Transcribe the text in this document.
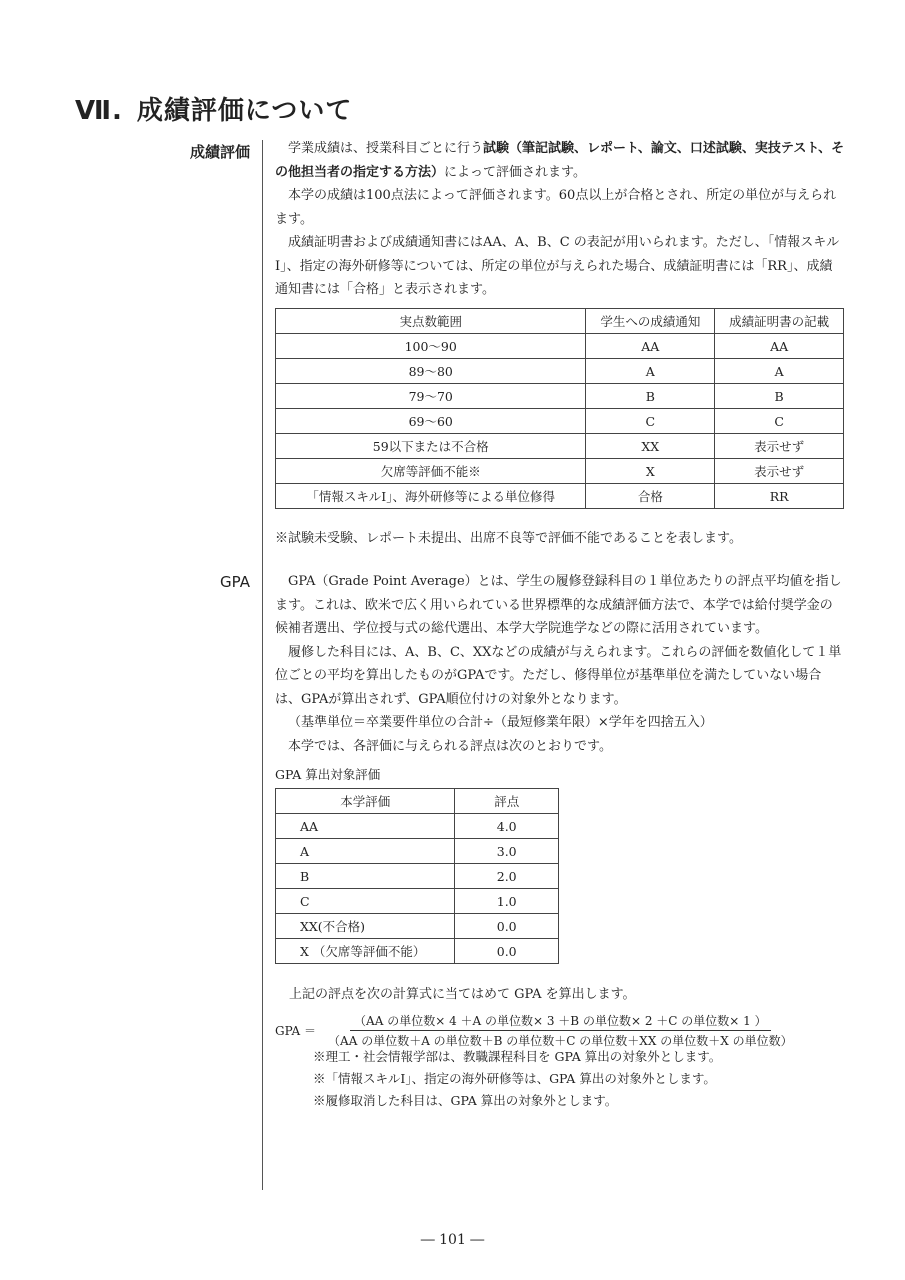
Ⅶ. 成績評価について
成績評価	学業成績は、授業科目ごとに行う試験（筆記試験、レポート、論文、口述試験、実技テスト、その他担当者の指定する方法）によって評価されます。

本学の成績は100点法によって評価されます。60点以上が合格とされ、所定の単位が与えられます。

成績証明書および成績通知書にはAA、A、B、C の表記が用いられます。ただし、「情報スキルⅠ」、指定の海外研修等については、所定の単位が与えられた場合、成績証明書には「RR」、成績通知書には「合格」と表示されます。

実点数範囲	学生への成績通知	成績証明書の記載
100〜90	AA	AA
89〜80	A	A
79〜70	B	B
69〜60	C	C
59以下または不合格	XX	表示せず
欠席等評価不能※	X	表示せず
「情報スキルⅠ」、海外研修等による単位修得	合格	RR
※試験未受験、レポート未提出、出席不良等で評価不能であることを表します。
GPA	GPA（Grade Point Average）とは、学生の履修登録科目の１単位あたりの評点平均値を指します。これは、欧米で広く用いられている世界標準的な成績評価方法で、本学では給付奨学金の候補者選出、学位授与式の総代選出、本学大学院進学などの際に活用されています。

履修した科目には、A、B、C、XXなどの成績が与えられます。これらの評価を数値化して１単位ごとの平均を算出したものがGPAです。ただし、修得単位が基準単位を満たしていない場合は、GPAが算出されず、GPA順位付けの対象外となります。

（基準単位＝卒業要件単位の合計÷（最短修業年限）×学年を四捨五入）

本学では、各評価に与えられる評点は次のとおりです。

GPA 算出対象評価
本学評価	評点
AA	4.0
A	3.0
B	2.0
C	1.0
XX(不合格)	0.0
X （欠席等評価不能）	0.0
上記の評点を次の計算式に当てはめて GPA を算出します。
GPA ＝ $\frac{\text{（AA の単位数× 4 ＋A の単位数× 3 ＋B の単位数× 2 ＋C の単位数× 1 ）}}{\text{（AA の単位数＋A の単位数＋B の単位数＋C の単位数＋XX の単位数＋X の単位数）}}$

※理工・社会情報学部は、教職課程科目を GPA 算出の対象外とします。

※「情報スキルⅠ」、指定の海外研修等は、GPA 算出の対象外とします。

※履修取消した科目は、GPA 算出の対象外とします。

― 101 ―
